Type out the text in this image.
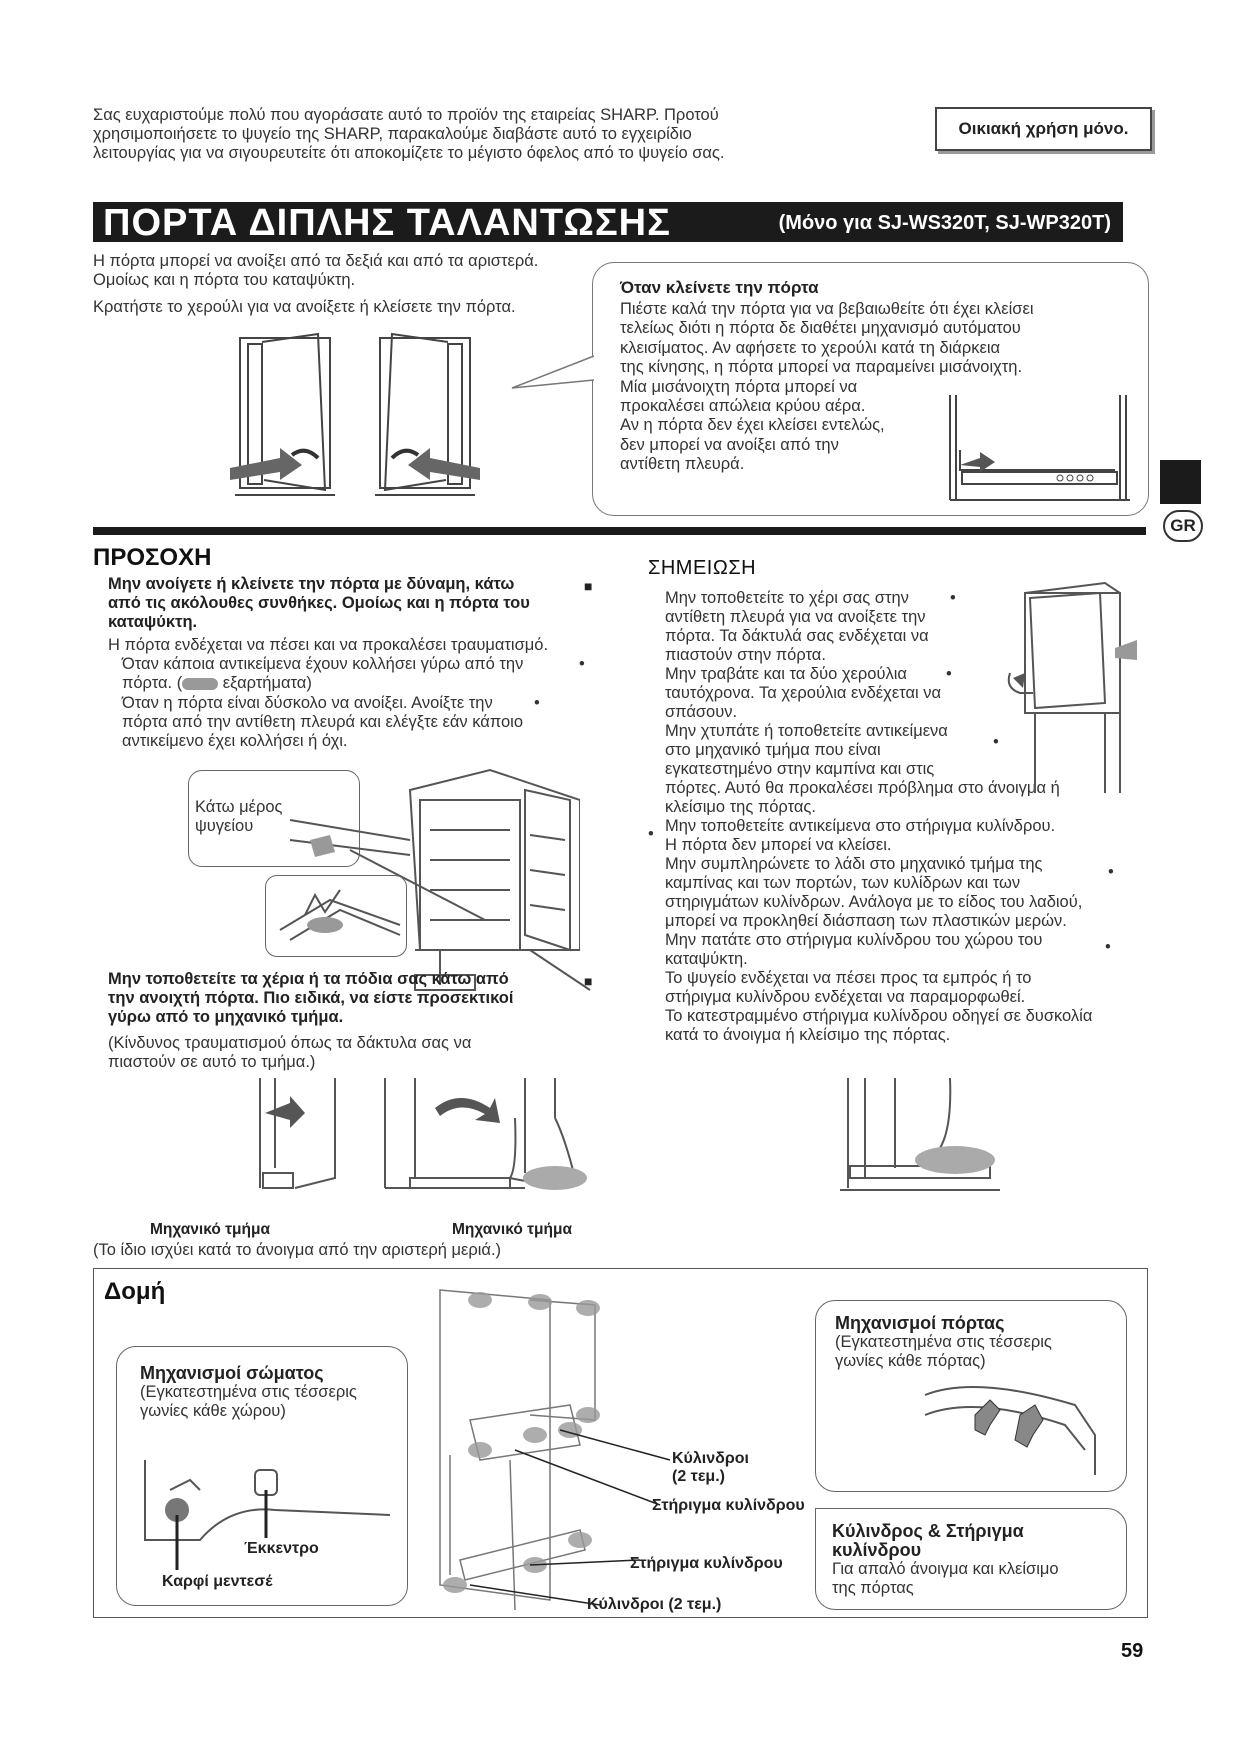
Σας ευχαριστούμε πολύ που αγοράσατε αυτό το προϊόν της εταιρείας SHARP. Προτού
χρησιμοποιήσετε το ψυγείο της SHARP, παρακαλούμε διαβάστε αυτό το εγχειρίδιο
λειτουργίας για να σιγουρευτείτε ότι αποκομίζετε το μέγιστο όφελος από το ψυγείο σας.
Οικιακή χρήση μόνο.
ΠΟΡΤΑ ΔΙΠΛΗΣ ΤΑΛΑΝΤΩΣΗΣ	(Μόνο για SJ-WS320T, SJ-WP320T)
Η πόρτα μπορεί να ανοίξει από τα δεξιά και από τα αριστερά.
Ομοίως και η πόρτα του καταψύκτη.
Κρατήστε το χερούλι για να ανοίξετε ή κλείσετε την πόρτα.
Όταν κλείνετε την πόρτα
Πιέστε καλά την πόρτα για να βεβαιωθείτε ότι έχει κλείσει
τελείως διότι η πόρτα δε διαθέτει μηχανισμό αυτόματου
κλεισίματος. Αν αφήσετε το χερούλι κατά τη διάρκεια
της κίνησης, η πόρτα μπορεί να παραμείνει μισάνοιχτη.
Μία μισάνοιχτη πόρτα μπορεί να
προκαλέσει απώλεια κρύου αέρα.
Αν η πόρτα δεν έχει κλείσει εντελώς,
δεν μπορεί να ανοίξει από την
αντίθετη πλευρά.
GR
ΠΡΟΣΟΧΗ
Μην ανοίγετε ή κλείνετε την πόρτα με δύναμη, κάτω
από τις ακόλουθες συνθήκες. Ομοίως και η πόρτα του
καταψύκτη.
■
Η πόρτα ενδέχεται να πέσει και να προκαλέσει τραυματισμό.
Όταν κάποια αντικείμενα έχουν κολλήσει γύρω από την
πόρτα. ( εξαρτήματα)
•
Όταν η πόρτα είναι δύσκολο να ανοίξει. Ανοίξτε την
πόρτα από την αντίθετη πλευρά και ελέγξτε εάν κάποιο
αντικείμενο έχει κολλήσει ή όχι.
•
Κάτω μέρος
ψυγείου
Μην τοποθετείτε τα χέρια ή τα πόδια σας κάτω από
την ανοιχτή πόρτα. Πιο ειδικά, να είστε προσεκτικοί
γύρω από το μηχανικό τμήμα.
■
(Κίνδυνος τραυματισμού όπως τα δάκτυλα σας να
πιαστούν σε αυτό το τμήμα.)
Μηχανικό τμήμα	Μηχανικό τμήμα
(Το ίδιο ισχύει κατά το άνοιγμα από την αριστερή μεριά.)
ΣΗΜΕΙΩΣΗ
Μην τοποθετείτε το χέρι σας στην
αντίθετη πλευρά για να ανοίξετε την
πόρτα. Τα δάκτυλά σας ενδέχεται να
πιαστούν στην πόρτα.
Μην τραβάτε και τα δύο χερούλια
ταυτόχρονα. Τα χερούλια ενδέχεται να
σπάσουν.
Μην χτυπάτε ή τοποθετείτε αντικείμενα
στο μηχανικό τμήμα που είναι
εγκατεστημένο στην καμπίνα και στις
πόρτες. Αυτό θα προκαλέσει πρόβλημα στο άνοιγμα ή
κλείσιμο της πόρτας.
Μην τοποθετείτε αντικείμενα στο στήριγμα κυλίνδρου.
Η πόρτα δεν μπορεί να κλείσει.
Μην συμπληρώνετε το λάδι στο μηχανικό τμήμα της
καμπίνας και των πορτών, των κυλίδρων και των
στηριγμάτων κυλίνδρων. Ανάλογα με το είδος του λαδιού,
μπορεί να προκληθεί διάσπαση των πλαστικών μερών.
Μην πατάτε στο στήριγμα κυλίνδρου του χώρου του
καταψύκτη.
Το ψυγείο ενδέχεται να πέσει προς τα εμπρός ή το
στήριγμα κυλίνδρου ενδέχεται να παραμορφωθεί.
Το κατεστραμμένο στήριγμα κυλίνδρου οδηγεί σε δυσκολία
κατά το άνοιγμα ή κλείσιμο της πόρτας.
•
•
•
•
•
•
Δομή
Μηχανισμοί σώματος
(Εγκατεστημένα στις τέσσερις
γωνίες κάθε χώρου)
Έκκεντρο
Καρφί μεντεσέ
Κύλινδροι
(2 τεμ.)
Στήριγμα κυλίνδρου
Στήριγμα κυλίνδρου
Κύλινδροι (2 τεμ.)
Μηχανισμοί πόρτας
(Εγκατεστημένα στις τέσσερις
γωνίες κάθε πόρτας)
Κύλινδρος & Στήριγμα
κυλίνδρου
Για απαλό άνοιγμα και κλείσιμο
της πόρτας
59
